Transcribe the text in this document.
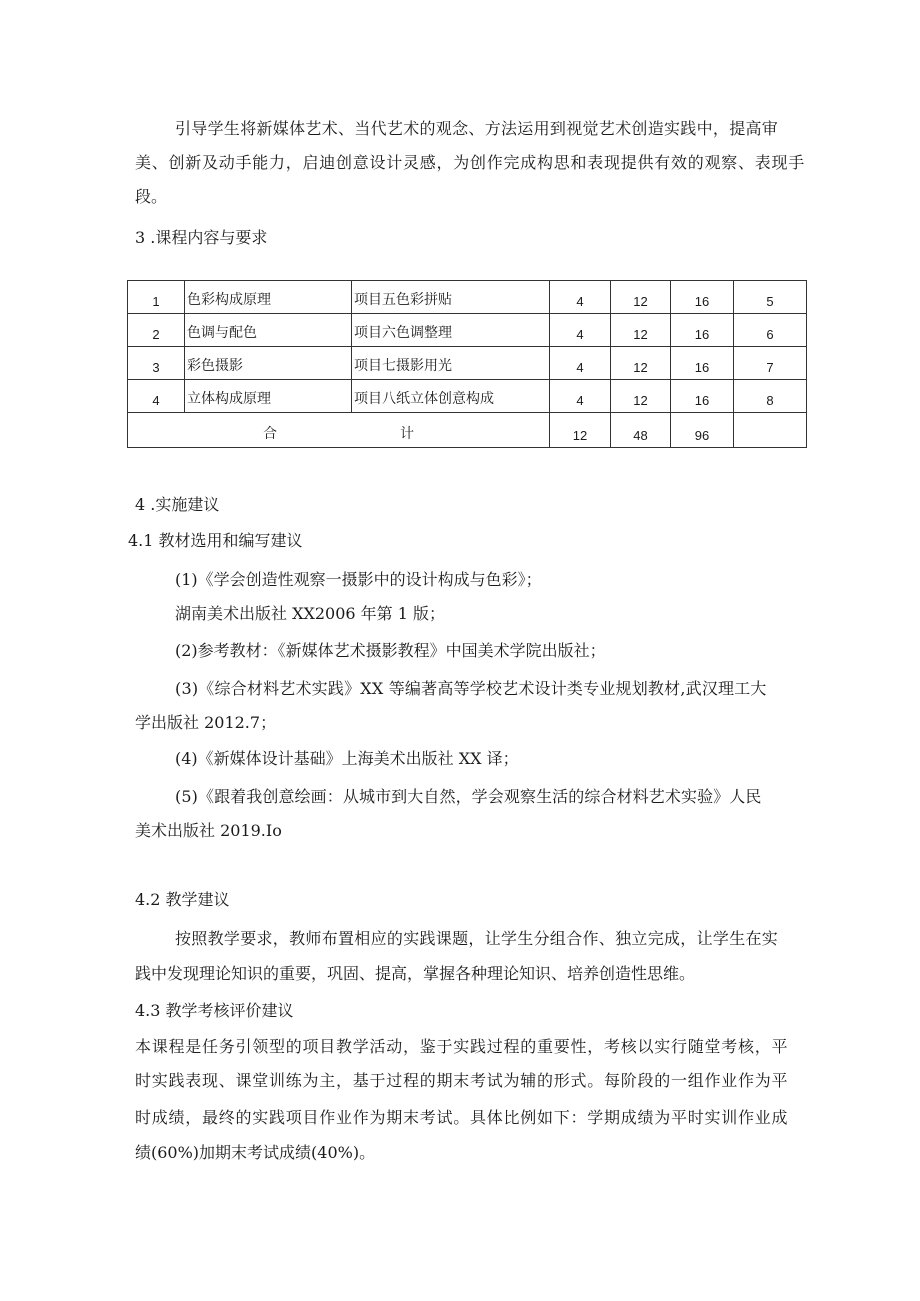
引导学生将新媒体艺术、当代艺术的观念、方法运用到视觉艺术创造实践中，提高审

美、创新及动手能力，启迪创意设计灵感，为创作完成构思和表现提供有效的观察、表现手

段。

3 .课程内容与要求

1	色彩构成原理	项目五色彩拼贴	4	12	16	5
2	色调与配色	项目六色调整理	4	12	16	6
3	彩色摄影	项目七摄影用光	4	12	16	7
4	立体构成原理	项目八纸立体创意构成	4	12	16	8

合 计			12	48	96	

4 .实施建议

4.1 教材选用和编写建议

(1)《学会创造性观察一摄影中的设计构成与色彩》；

湖南美术出版社 XX2006 年第 1 版；

(2)参考教材：《新媒体艺术摄影教程》中国美术学院出版社；

(3)《综合材料艺术实践》XX 等编著高等学校艺术设计类专业规划教材,武汉理工大

学出版社 2012.7；

(4)《新媒体设计基础》上海美术出版社 XX 译；

(5)《跟着我创意绘画：从城市到大自然，学会观察生活的综合材料艺术实验》人民

美术出版社 2019.Io

4.2 教学建议

按照教学要求，教师布置相应的实践课题，让学生分组合作、独立完成，让学生在实

践中发现理论知识的重要，巩固、提高，掌握各种理论知识、培养创造性思维。

4.3 教学考核评价建议

本课程是任务引领型的项目教学活动，鉴于实践过程的重要性，考核以实行随堂考核，平

时实践表现、课堂训练为主，基于过程的期末考试为辅的形式。每阶段的一组作业作为平

时成绩，最终的实践项目作业作为期末考试。具体比例如下：学期成绩为平时实训作业成

绩(60%)加期末考试成绩(40%)。
